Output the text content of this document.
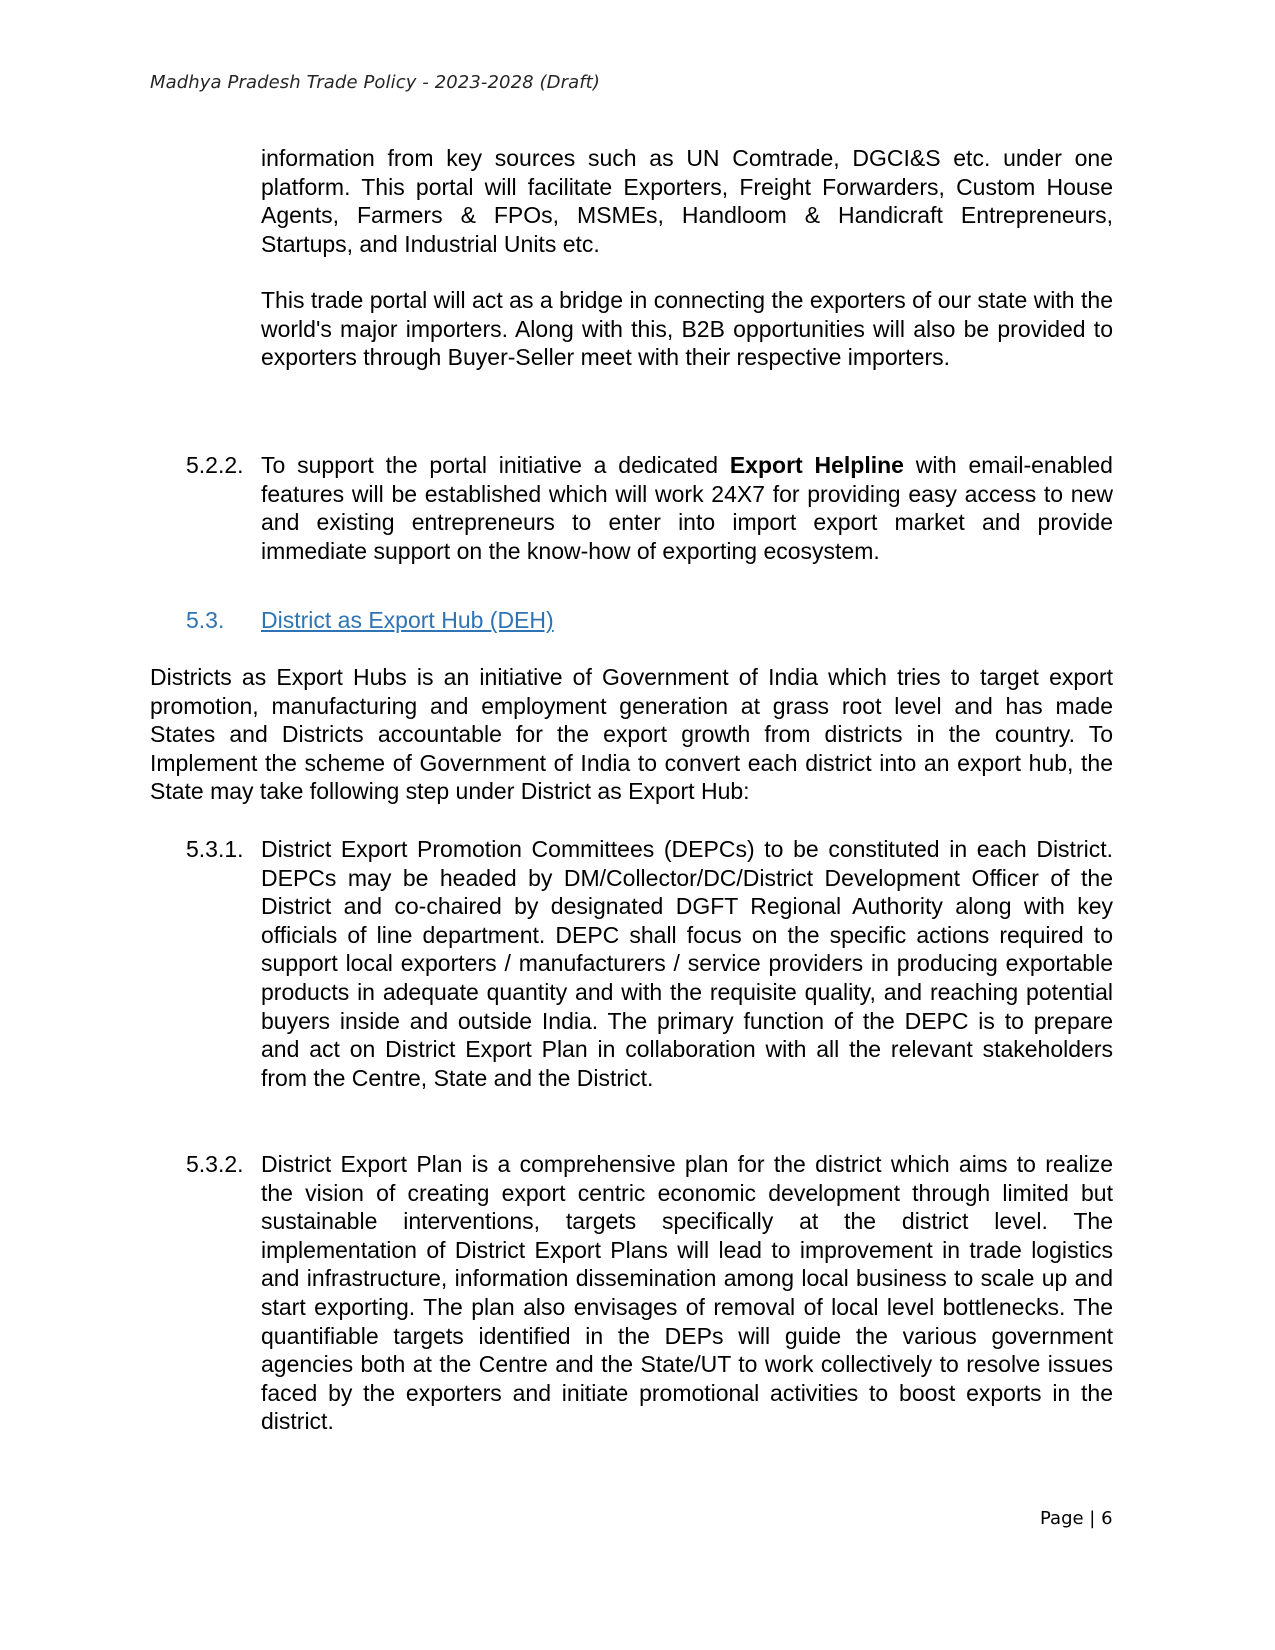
Madhya Pradesh Trade Policy - 2023-2028 (Draft)

information from key sources such as UN Comtrade, DGCI&S etc. under one platform. This portal will facilitate Exporters, Freight Forwarders, Custom House Agents, Farmers & FPOs, MSMEs, Handloom & Handicraft Entrepreneurs, Startups, and Industrial Units etc.

This trade portal will act as a bridge in connecting the exporters of our state with the world's major importers. Along with this, B2B opportunities will also be provided to exporters through Buyer-Seller meet with their respective importers.

5.2.2. To support the portal initiative a dedicated Export Helpline with email-enabled features will be established which will work 24X7 for providing easy access to new and existing entrepreneurs to enter into import export market and provide immediate support on the know-how of exporting ecosystem.

5.3. District as Export Hub (DEH)

Districts as Export Hubs is an initiative of Government of India which tries to target export promotion, manufacturing and employment generation at grass root level and has made States and Districts accountable for the export growth from districts in the country. To Implement the scheme of Government of India to convert each district into an export hub, the State may take following step under District as Export Hub:

5.3.1. District Export Promotion Committees (DEPCs) to be constituted in each District. DEPCs may be headed by DM/Collector/DC/District Development Officer of the District and co-chaired by designated DGFT Regional Authority along with key officials of line department. DEPC shall focus on the specific actions required to support local exporters / manufacturers / service providers in producing exportable products in adequate quantity and with the requisite quality, and reaching potential buyers inside and outside India. The primary function of the DEPC is to prepare and act on District Export Plan in collaboration with all the relevant stakeholders from the Centre, State and the District.

5.3.2. District Export Plan is a comprehensive plan for the district which aims to realize the vision of creating export centric economic development through limited but sustainable interventions, targets specifically at the district level. The implementation of District Export Plans will lead to improvement in trade logistics and infrastructure, information dissemination among local business to scale up and start exporting. The plan also envisages of removal of local level bottlenecks. The quantifiable targets identified in the DEPs will guide the various government agencies both at the Centre and the State/UT to work collectively to resolve issues faced by the exporters and initiate promotional activities to boost exports in the district.

Page | 6
